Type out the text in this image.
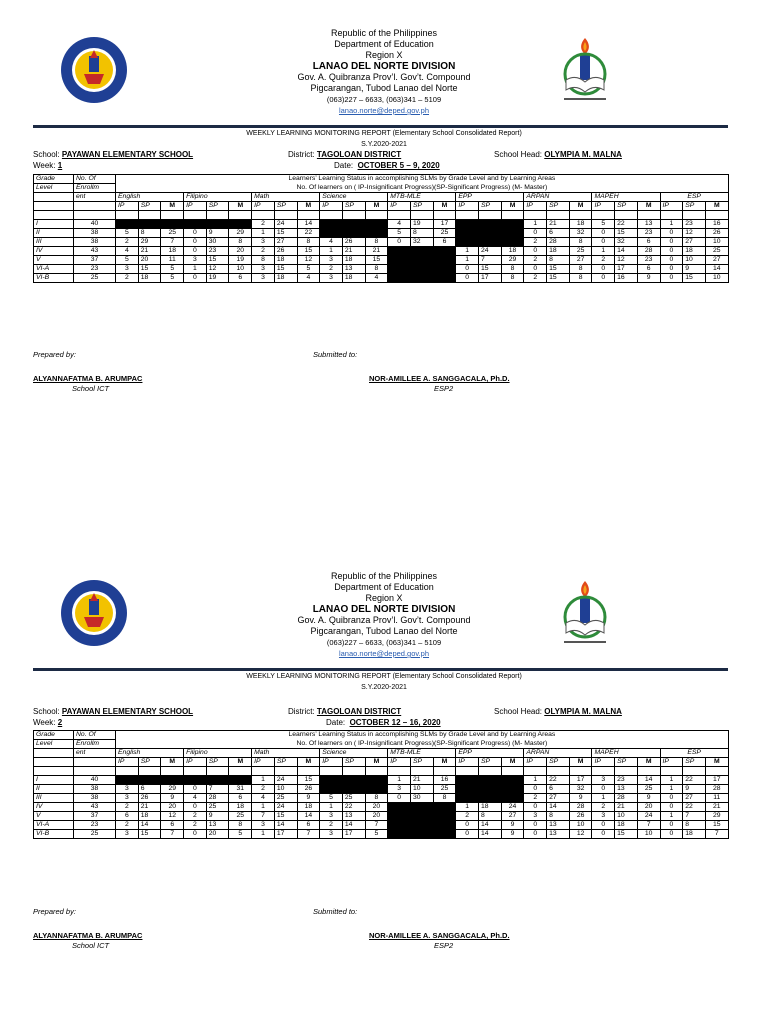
Republic of the Philippines
Department of Education
Region X
LANAO DEL NORTE DIVISION
Gov. A. Quibranza Prov’l. Gov’t. Compound
Pigcarangan, Tubod Lanao del Norte
(063)227 – 6633, (063)341 – 5109
lanao.norte@deped.gov.ph
WEEKLY LEARNING MONITORING REPORT (Elementary School Consolidated Report)
S.Y.2020-2021
School: PAYAWAN ELEMENTARY SCHOOL	District: TAGOLOAN DISTRICT	School Head: OLYMPIA M. MALNA
Week: 1	Date: OCTOBER 5 – 9, 2020
Grade	No. Of	Learners’ Learning Status in accomplishing SLMs by Grade Level and by Learning Areas																										
Level	Enrollm	No. Of learners on ( IP-Insignificant Progress)(SP-Significant Progress) (M- Master)																										
	ent	English			Filipino			Math			Science			MTB-MLE			EPP			ARPAN			MAPEH			ESP		
		IP	SP	M	IP	SP	M	IP	SP	M	IP	SP	M	IP	SP	M	IP	SP	M	IP	SP	M	IP	SP	M	IP	SP	M

I	40							2	24	14				4	19	17				1	21	18	5	22	13	1	23	16
II	38	5	8	25	0	9	29	1	15	22				5	8	25				0	6	32	0	15	23	0	12	26
III	38	2	29	7	0	30	8	3	27	8	4	26	8	0	32	6				2	28	8	0	32	6	0	27	10
IV	43	4	21	18	0	23	20	2	26	15	1	21	21				1	24	18	0	18	25	1	14	28	0	18	25
V	37	5	20	11	3	15	19	8	18	12	3	18	15				1	7	29	2	8	27	2	12	23	0	10	27
VI-A	23	3	15	5	1	12	10	3	15	5	2	13	8				0	15	8	0	15	8	0	17	6	0	9	14
VI-B	25	2	18	5	0	19	6	3	18	4	3	18	4				0	17	8	2	15	8	0	16	9	0	15	10
Prepared by:	Submitted to:
ALYANNAFATMA B. ARUMPAC
School ICT
NOR-AMILLEE A. SANGGACALA, Ph.D.
ESP2
Republic of the Philippines
Department of Education
Region X
LANAO DEL NORTE DIVISION
Gov. A. Quibranza Prov’l. Gov’t. Compound
Pigcarangan, Tubod Lanao del Norte
(063)227 – 6633, (063)341 – 5109
lanao.norte@deped.gov.ph
WEEKLY LEARNING MONITORING REPORT (Elementary School Consolidated Report)
S.Y.2020-2021
School: PAYAWAN ELEMENTARY SCHOOL	District: TAGOLOAN DISTRICT	School Head: OLYMPIA M. MALNA
Week: 2	Date: OCTOBER 12 – 16, 2020
Grade	No. Of	Learners’ Learning Status in accomplishing SLMs by Grade Level and by Learning Areas																										
Level	Enrollm	No. Of learners on ( IP-Insignificant Progress)(SP-Significant Progress) (M- Master)																										
	ent	English			Filipino			Math			Science			MTB-MLE			EPP			ARPAN			MAPEH			ESP		
		IP	SP	M	IP	SP	M	IP	SP	M	IP	SP	M	IP	SP	M	IP	SP	M	IP	SP	M	IP	SP	M	IP	SP	M

I	40							1	24	15				1	21	16				1	22	17	3	23	14	1	22	17
II	38	3	6	29	0	7	31	2	10	26				3	10	25				0	6	32	0	13	25	1	9	28
III	38	3	26	9	4	28	6	4	25	9	5	25	8	0	30	8				2	27	9	1	28	9	0	27	11
IV	43	2	21	20	0	25	18	1	24	18	1	22	20				1	18	24	0	14	28	2	21	20	0	22	21
V	37	6	18	12	2	9	25	7	15	14	3	13	20				2	8	27	3	8	26	3	10	24	1	7	29
VI-A	23	2	14	6	2	13	8	3	14	6	2	14	7				0	14	9	0	13	10	0	18	7	0	8	15
VI-B	25	3	15	7	0	20	5	1	17	7	3	17	5				0	14	9	0	13	12	0	15	10	0	18	7
Prepared by:	Submitted to:
ALYANNAFATMA B. ARUMPAC
School ICT
NOR-AMILLEE A. SANGGACALA, Ph.D.
ESP2
